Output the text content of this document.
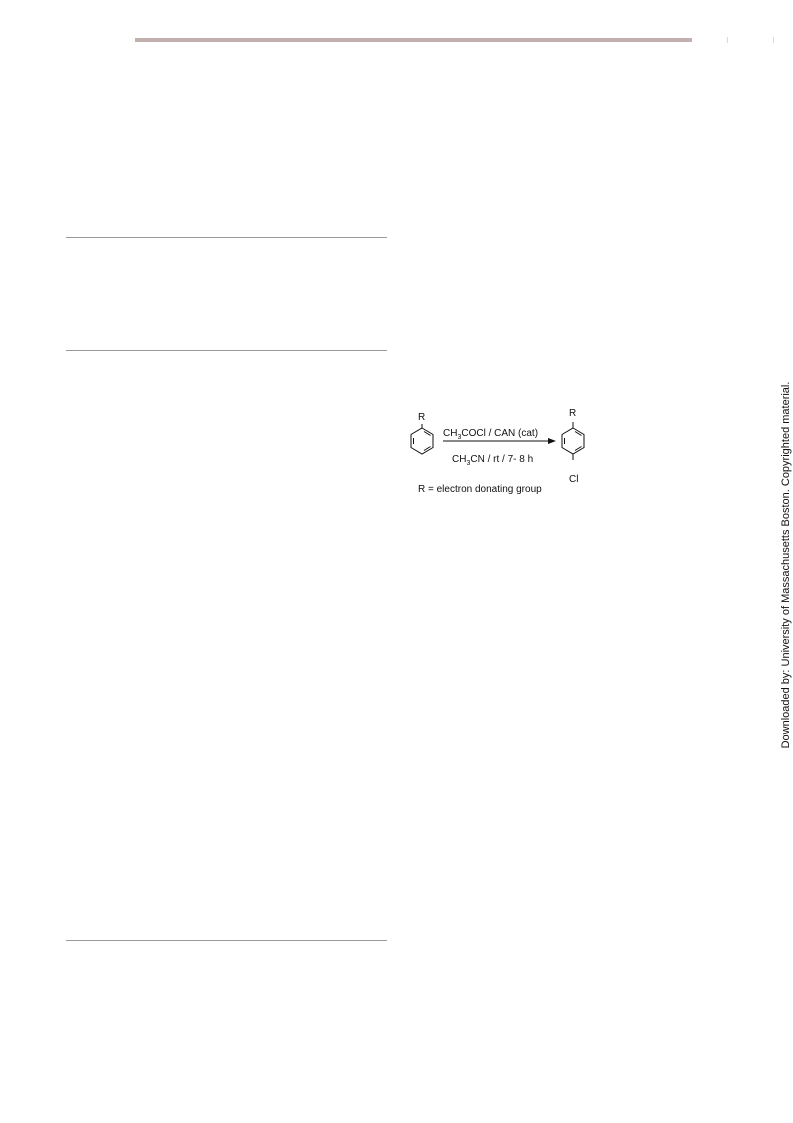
R
$CH_3COCl$ / CAN (cat)
$CH_3CN$ / rt / 7- 8 h
R
Cl
R = electron donating group	Downloaded by: University of Massachusetts Boston. Copyrighted material.
